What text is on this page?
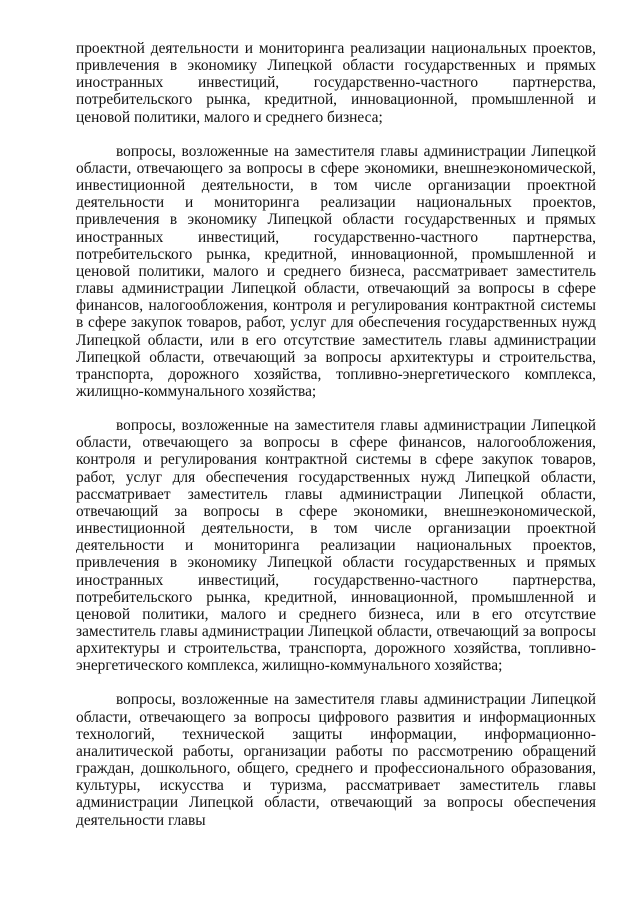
проектной деятельности и мониторинга реализации национальных проектов, привлечения в экономику Липецкой области государственных и прямых иностранных инвестиций, государственно-частного партнерства, потребительского рынка, кредитной, инновационной, промышленной и ценовой политики, малого и среднего бизнеса;

вопросы, возложенные на заместителя главы администрации Липецкой области, отвечающего за вопросы в сфере экономики, внешнеэкономической, инвестиционной деятельности, в том числе организации проектной деятельности и мониторинга реализации национальных проектов, привлечения в экономику Липецкой области государственных и прямых иностранных инвестиций, государственно-частного партнерства, потребительского рынка, кредитной, инновационной, промышленной и ценовой политики, малого и среднего бизнеса, рассматривает заместитель главы администрации Липецкой области, отвечающий за вопросы в сфере финансов, налогообложения, контроля и регулирования контрактной системы в сфере закупок товаров, работ, услуг для обеспечения государственных нужд Липецкой области, или в его отсутствие заместитель главы администрации Липецкой области, отвечающий за вопросы архитектуры и строительства, транспорта, дорожного хозяйства, топливно-энергетического комплекса, жилищно-коммунального хозяйства;

вопросы, возложенные на заместителя главы администрации Липецкой области, отвечающего за вопросы в сфере финансов, налогообложения, контроля и регулирования контрактной системы в сфере закупок товаров, работ, услуг для обеспечения государственных нужд Липецкой области, рассматривает заместитель главы администрации Липецкой области, отвечающий за вопросы в сфере экономики, внешнеэкономической, инвестиционной деятельности, в том числе организации проектной деятельности и мониторинга реализации национальных проектов, привлечения в экономику Липецкой области государственных и прямых иностранных инвестиций, государственно-частного партнерства, потребительского рынка, кредитной, инновационной, промышленной и ценовой политики, малого и среднего бизнеса, или в его отсутствие заместитель главы администрации Липецкой области, отвечающий за вопросы архитектуры и строительства, транспорта, дорожного хозяйства, топливно-энергетического комплекса, жилищно-коммунального хозяйства;

вопросы, возложенные на заместителя главы администрации Липецкой области, отвечающего за вопросы цифрового развития и информационных технологий, технической защиты информации, информационно-аналитической работы, организации работы по рассмотрению обращений граждан, дошкольного, общего, среднего и профессионального образования, культуры, искусства и туризма, рассматривает заместитель главы администрации Липецкой области, отвечающий за вопросы обеспечения деятельности главы
